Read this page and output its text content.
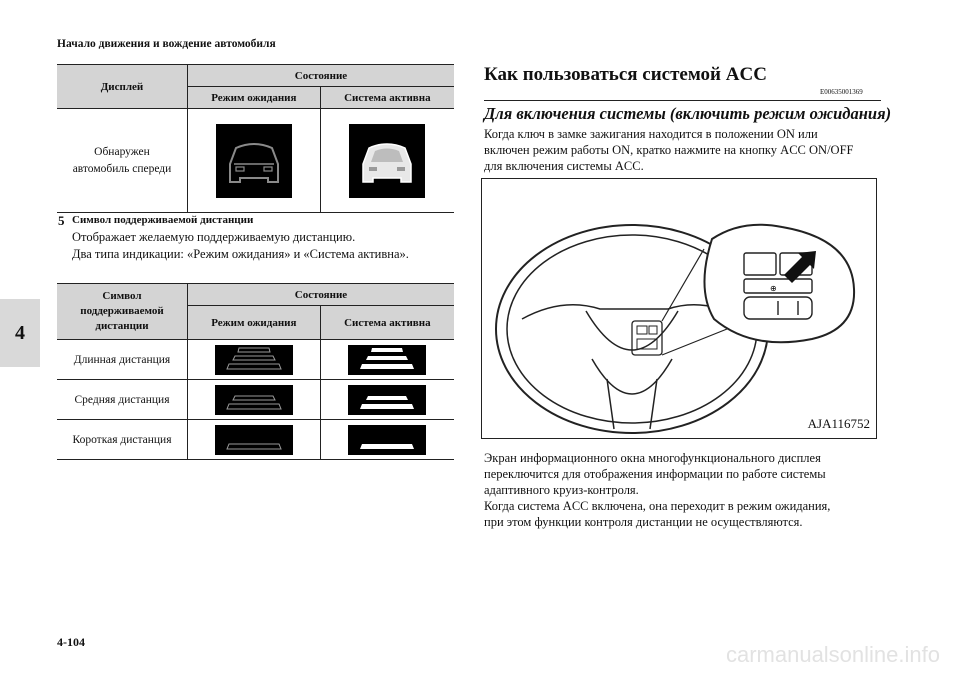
Начало движения и вождение автомобиля
4
Дисплей	Состояние	
	Режим ожидания	Система активна

Обнаружен
автомобиль спереди

5 Символ поддерживаемой дистанции
Отображает желаемую поддерживаемую дистанцию.
Два типа индикации: «Режим ожидания» и «Система активна».
Символ
поддерживаемой
дистанции	Состояние	
	Режим ожидания	Система активна
Длинная дистанция	

Средняя дистанция	

Короткая дистанция	

Как пользоваться системой ACC
E00635001369
Для включения системы (включить режим ожидания)
Когда ключ в замке зажигания находится в положении ON или
включен режим работы ON, кратко нажмите на кнопку ACC ON/OFF
для включения системы ACC.
⊕
AJA116752
Экран информационного окна многофункционального дисплея
переключится для отображения информации по работе системы
адаптивного круиз-контроля.
Когда система ACC включена, она переходит в режим ожидания,
при этом функции контроля дистанции не осуществляются.
4-104	carmanualsonline.info
